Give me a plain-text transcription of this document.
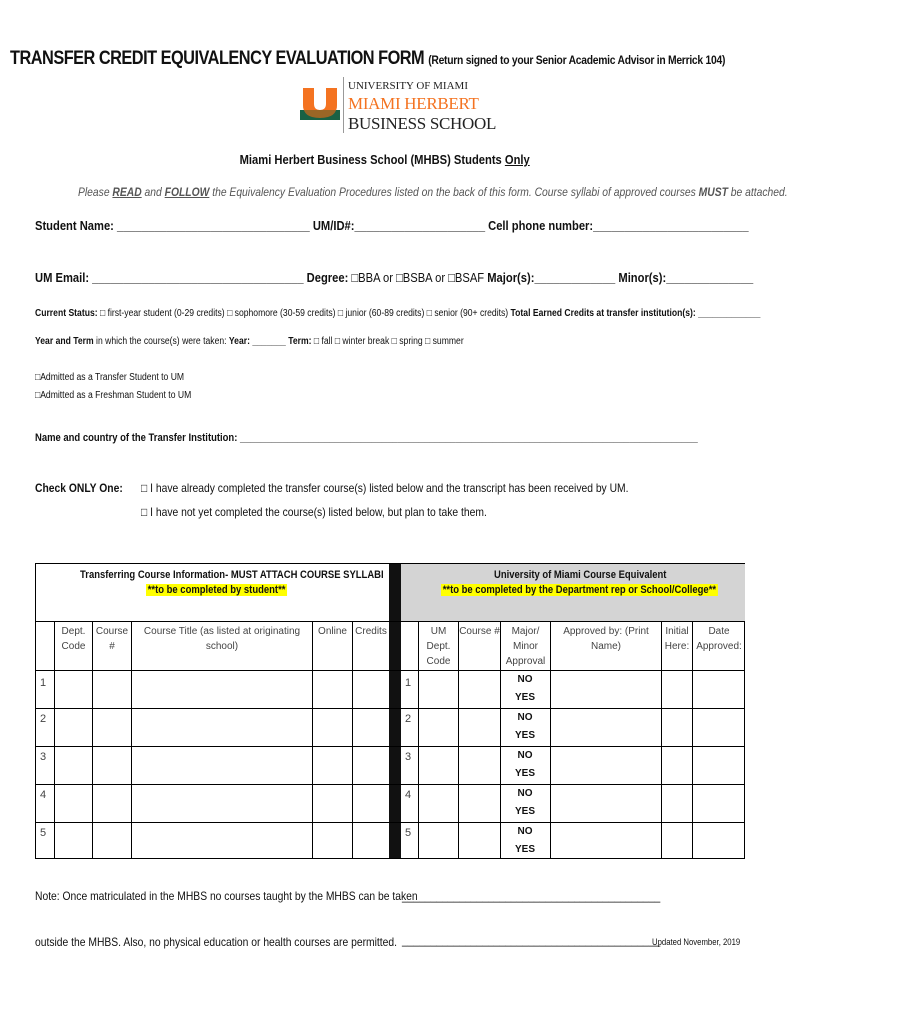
TRANSFER CREDIT EQUIVALENCY EVALUATION FORM (Return signed to your Senior Academic Advisor in Merrick 104)
UNIVERSITY OF MIAMI
MIAMI HERBERT
BUSINESS SCHOOL
Miami Herbert Business School (MHBS) Students Only
Please READ and FOLLOW the Equivalency Evaluation Procedures listed on the back of this form. Course syllabi of approved courses MUST be attached.
Student Name: _______________________________ UM/ID#:_____________________ Cell phone number:_________________________
UM Email: __________________________________ Degree: □BBA or □BSBA or □BSAF Major(s):_____________ Minor(s):______________
Current Status: □ first-year student (0-29 credits) □ sophomore (30-59 credits) □ junior (60-89 credits) □ senior (90+ credits) Total Earned Credits at transfer institution(s): _____________
Year and Term in which the course(s) were taken: Year: _______ Term: □ fall □ winter break □ spring □ summer
□Admitted as a Transfer Student to UM
□Admitted as a Freshman Student to UM
Name and country of the Transfer Institution: _______________________________________________________________________________________
Check ONLY One: □ I have already completed the transfer course(s) listed below and the transcript has been received by UM.
□ I have not yet completed the course(s) listed below, but plan to take them.
Transferring Course Information- MUST ATTACH COURSE SYLLABI
**to be completed by student**
University of Miami Course Equivalent
**to be completed by the Department rep or School/College**
Dept. Code
Course #
Course Title (as listed at originating school)
Online Credits	UM Dept. Code
Course #	Major/ Minor Approval
Approved by: (Print Name)
Initial Here:
Date Approved:
1
2
3
4
5
1
2
3
4
5
NO
YES
NO
YES
NO
YES
NO
YES
NO
YES
Note: Once matriculated in the MHBS no courses taught by the MHBS can be taken
outside the MHBS. Also, no physical education or health courses are permitted.
_____________________________________________
_____________________________________________
Updated November, 2019
